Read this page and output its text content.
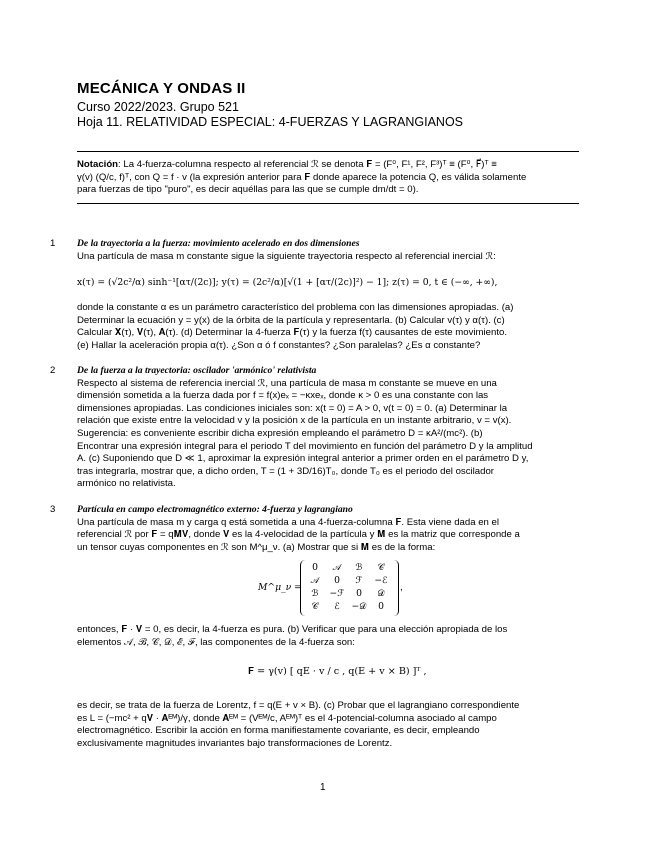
MECÁNICA Y ONDAS II
Curso 2022/2023. Grupo 521
Hoja 11. RELATIVIDAD ESPECIAL: 4-FUERZAS Y LAGRANGIANOS
Notación: La 4-fuerza-columna respecto al referencial ℛ se denota 𝐅 = (F⁰, F¹, F², F³)ᵀ ≡ (F⁰, F⃗)ᵀ ≡
γ(v) (Q/c, f)ᵀ, con Q = f · v (la expresión anterior para 𝐅 donde aparece la potencia Q, es válida solamente
para fuerzas de tipo "puro", es decir aquéllas para las que se cumple dm/dt = 0).
1 De la trayectoria a la fuerza: movimiento acelerado en dos dimensiones
Una partícula de masa m constante sigue la siguiente trayectoria respecto al referencial inercial ℛ:
x(τ) = (√2c²/α) sinh⁻¹[ατ/(2c)]; y(τ) = (2c²/α)[√(1 + [ατ/(2c)]²) − 1]; z(τ) = 0, t ∈ (−∞, +∞),
donde la constante α es un parámetro característico del problema con las dimensiones apropiadas. (a)
Determinar la ecuación y = y(x) de la órbita de la partícula y representarla. (b) Calcular v(τ) y α(τ). (c)
Calcular 𝐗(τ), 𝐕(τ), 𝐀(τ). (d) Determinar la 4-fuerza 𝐅(τ) y la fuerza f(τ) causantes de este movimiento.
(e) Hallar la aceleración propia α(τ). ¿Son α ó f constantes? ¿Son paralelas? ¿Es α constante?
2 De la fuerza a la trayectoria: oscilador 'armónico' relativista
Respecto al sistema de referencia inercial ℛ, una partícula de masa m constante se mueve en una
dimensión sometida a la fuerza dada por f = f(x)eₓ = −κxeₓ, donde κ > 0 es una constante con las
dimensiones apropiadas. Las condiciones iniciales son: x(t = 0) = A > 0, v(t = 0) = 0. (a) Determinar la
relación que existe entre la velocidad v y la posición x de la partícula en un instante arbitrario, v = v(x).
Sugerencia: es conveniente escribir dicha expresión empleando el parámetro D = κA²/(mc²). (b)
Encontrar una expresión integral para el periodo T del movimiento en función del parámetro D y la amplitud
A. (c) Suponiendo que D ≪ 1, aproximar la expresión integral anterior a primer orden en el parámetro D y,
tras integrarla, mostrar que, a dicho orden, T = (1 + 3D/16)T₀, donde T₀ es el periodo del oscilador
armónico no relativista.
3 Partícula en campo electromagnético externo: 4-fuerza y lagrangiano
Una partícula de masa m y carga q está sometida a una 4-fuerza-columna 𝐅. Esta viene dada en el
referencial ℛ por 𝐅 = q𝐌𝐕, donde 𝐕 es la 4-velocidad de la partícula y 𝐌 es la matriz que corresponde a
un tensor cuyas componentes en ℛ son M^μ_ν. (a) Mostrar que si 𝐌 es de la forma:
M^μ_ν =	,
0	𝒜	ℬ	𝒞
𝒜	0	ℱ	−ℰ
ℬ	−ℱ	0	𝒟
𝒞	ℰ	−𝒟	0
entonces, 𝐅 · 𝐕 = 0, es decir, la 4-fuerza es pura. (b) Verificar que para una elección apropiada de los
elementos 𝒜, ℬ, 𝒞, 𝒟, ℰ, ℱ, las componentes de la 4-fuerza son:
𝐅 = γ(v) [ qE · v / c , q(E + v × B) ]ᵀ ,
es decir, se trata de la fuerza de Lorentz, f = q(E + v × B). (c) Probar que el lagrangiano correspondiente
es L = (−mc² + q𝐕 · 𝐀ᴱᴹ)/γ, donde 𝐀ᴱᴹ = (Vᴱᴹ/c, Aᴱᴹ)ᵀ es el 4-potencial-columna asociado al campo
electromagnético. Escribir la acción en forma manifiestamente covariante, es decir, empleando
exclusivamente magnitudes invariantes bajo transformaciones de Lorentz.
1
